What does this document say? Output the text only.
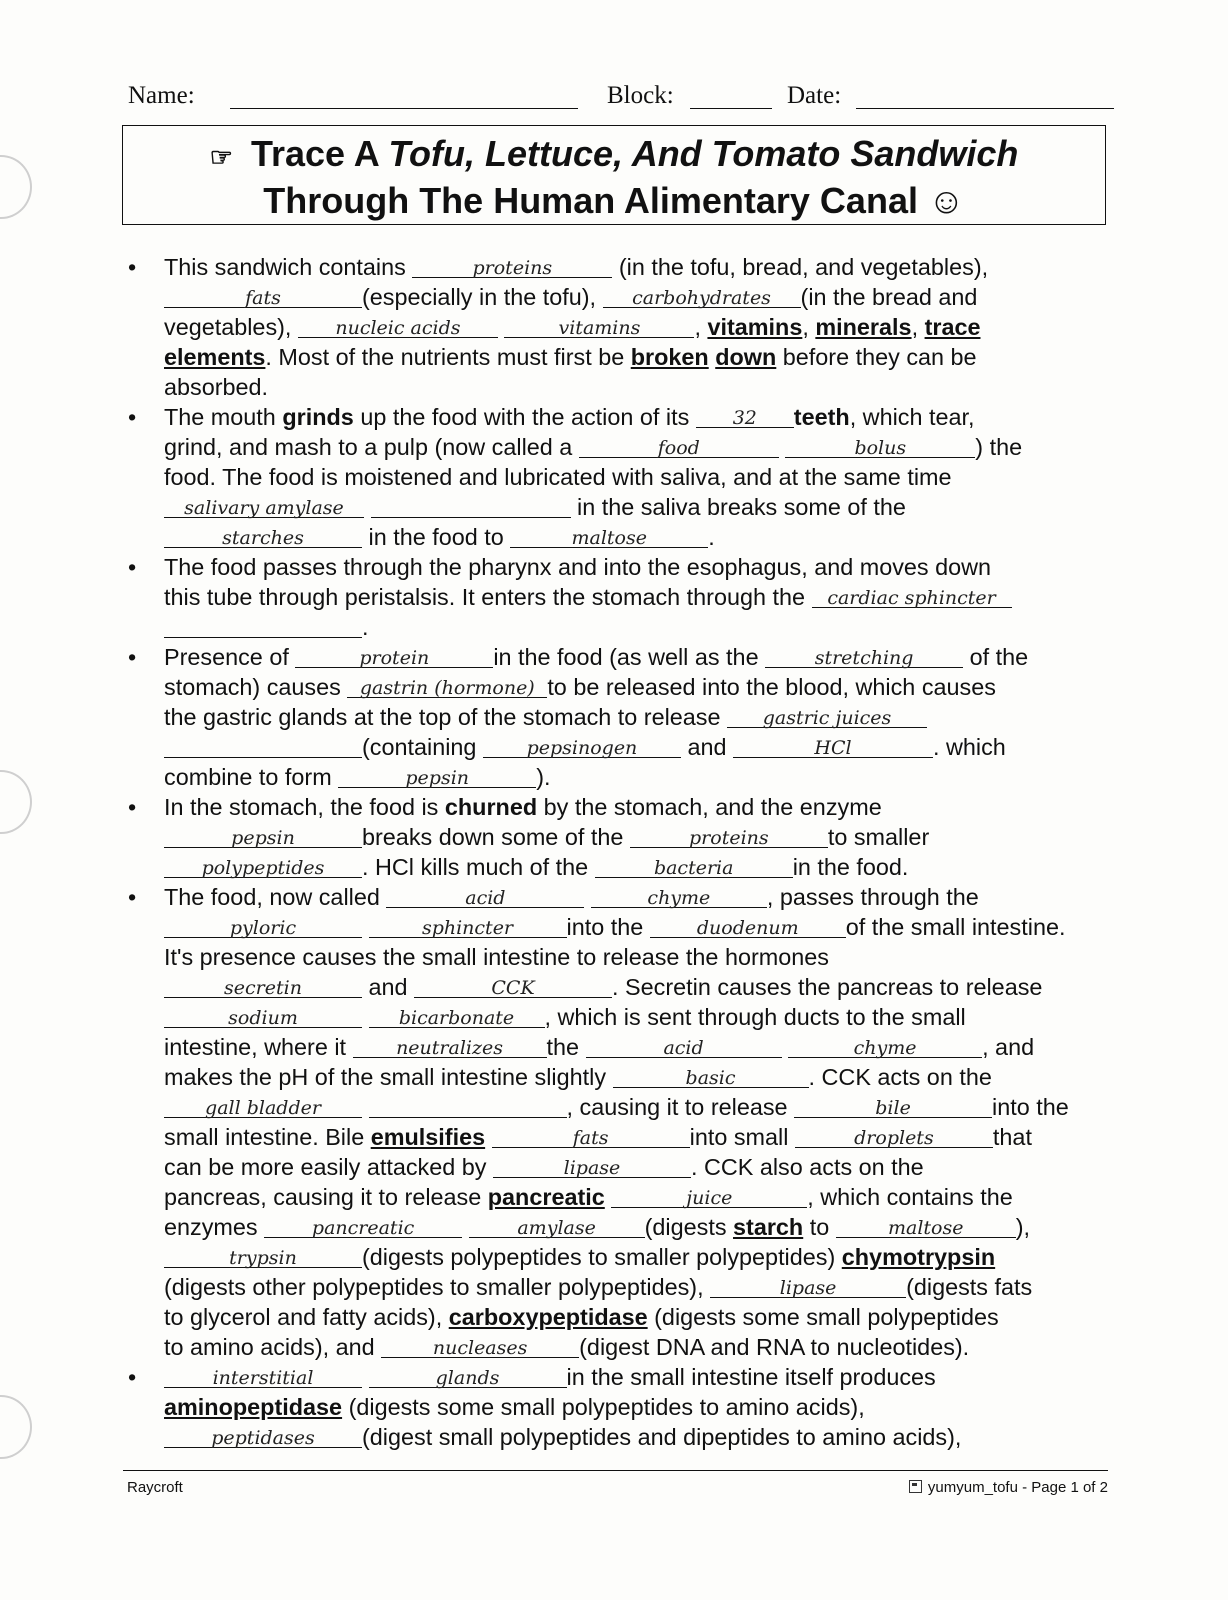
Name:	Block:	Date:
☞ Trace A Tofu, Lettuce, And Tomato Sandwich
Through The Human Alimentary Canal ☺
• This sandwich contains	proteins	(in the tofu, bread, and vegetables),
fats	(especially in the tofu),	carbohydrates	(in the bread and
vegetables),	nucleic acids
	vitamins	, vitamins, minerals, trace
elements. Most of the nutrients must first be broken down before they can be
absorbed.
• The mouth grinds up the food with the action of its	32	teeth, which tear,
grind, and mash to a pulp (now called a	food
	bolus	) the
food. The food is moistened and lubricated with saliva, and at the same time
salivary amylase	in the saliva breaks some of the
starches	in the food to	maltose	.
• The food passes through the pharynx and into the esophagus, and moves down
this tube through peristalsis. It enters the stomach through the	cardiac sphincter
.
• Presence of	protein	in the food (as well as the	stretching	of the
stomach) causes	gastrin (hormone) to be released into the blood, which causes
the gastric glands at the top of the stomach to release	gastric juices
(containing	pepsinogen	and	HCl	. which
combine to form	pepsin	).
• In the stomach, the food is churned by the stomach, and the enzyme
pepsin	breaks down some of the	proteins	to smaller
polypeptides	. HCl kills much of the	bacteria	in the food.
• The food, now called	acid
	chyme	, passes through the
pyloric
	sphincter	into the	duodenum	of the small intestine.
It's presence causes the small intestine to release the hormones
secretin	and	CCK	. Secretin causes the pancreas to release
sodium
	bicarbonate	, which is sent through ducts to the small
intestine, where it	neutralizes	the	acid
	chyme	, and
makes the pH of the small intestine slightly	basic	. CCK acts on the
gall bladder	, causing it to release	bile	into the
small intestine. Bile emulsifies	fats	into small	droplets	that
can be more easily attacked by	lipase	. CCK also acts on the
pancreas, causing it to release pancreatic	juice	, which contains the
enzymes	pancreatic
	amylase	(digests starch to	maltose	),
trypsin	(digests polypeptides to smaller polypeptides) chymotrypsin
(digests other polypeptides to smaller polypeptides),	lipase	(digests fats
to glycerol and fatty acids), carboxypeptidase (digests some small polypeptides
to amino acids), and	nucleases	(digest DNA and RNA to nucleotides).
•	interstitial
	glands	in the small intestine itself produces
aminopeptidase (digests some small polypeptides to amino acids),
peptidases	(digest small polypeptides and dipeptides to amino acids),
Raycroft	yumyum_tofu - Page 1 of 2
